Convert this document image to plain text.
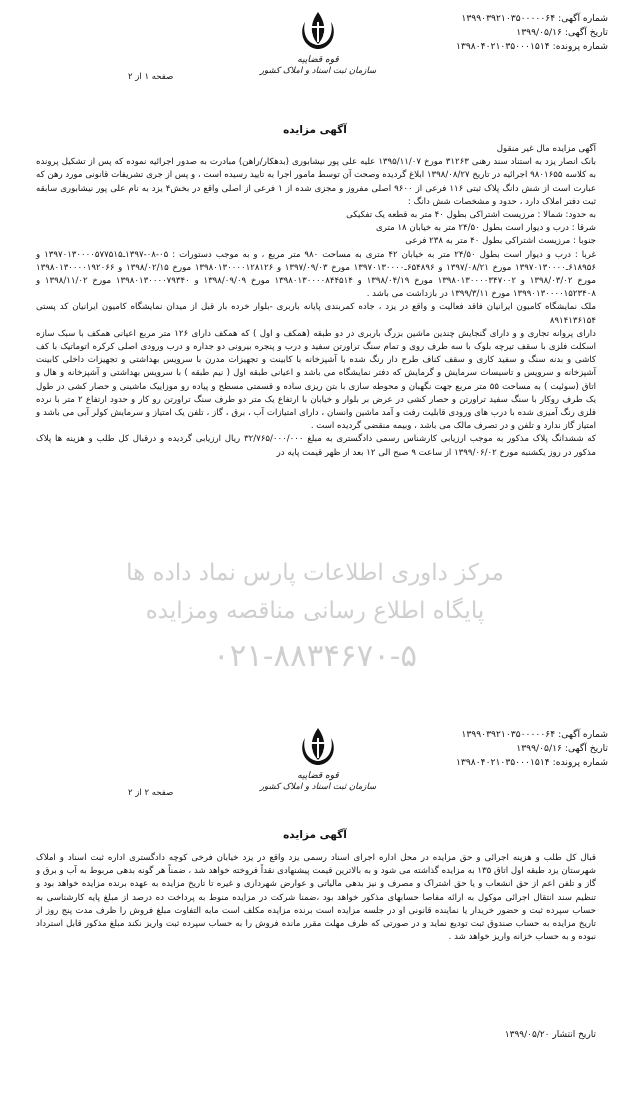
شماره آگهی: ۱۳۹۹۰۳۹۲۱۰۳۵۰۰۰۰۰۶۴
تاریخ آگهی: ۱۳۹۹/۰۵/۱۶
شماره پرونده: ۱۳۹۸۰۴۰۲۱۰۳۵۰۰۰۱۵۱۴
قوه قضاییه
سازمان ثبت اسناد و املاک کشور
صفحه ۱ از ۲
آگهی مزایده

آگهی مزایده مال غیر منقول

بانک انصار یزد به استناد سند رهنی ۳۱۲۶۳ مورخ ۱۳۹۵/۱۱/۰۷ علیه علی پور نیشابوری (بدهکار/راهن) مبادرت به صدور اجرائیه نموده که پس از تشکیل پرونده به کلاسه ۹۸۰۱۶۵۵ اجرائیه در تاریخ ۱۳۹۸/۰۸/۲۷ ابلاغ گردیده وصحت آن توسط مامور اجرا به تایید رسیده است ، و پس از جری تشریفات قانونی مورد رهن که عبارت است از شش دانگ پلاک ثبتی ۱۱۶ فرعی از ۹۶۰۰ اصلی مفروز و مجزی شده از ۱ فرعی از اصلی واقع در بخش۴ یزد به نام علی پور نیشابوری سابقه ثبت دفتر املاک دارد ، حدود و مشخصات شش دانگ :

به حدود: شمالا : مرزیست اشتراکی بطول ۴۰ متر به قطعه یک تفکیکی

شرقا : درب و دیوار است بطول ۲۴/۵۰ متر به خیابان ۱۸ متری

جنوبا : مرزیست اشتراکی بطول ۴۰ متر به ۲۳۸ فرعی

غربا : درب و دیوار است بطول ۲۴/۵۰ متر به خیابان ۴۲ متری به مساحت ۹۸۰ متر مربع ، و به موجب دستورات : ۰۵-۰۸-۱۳۹۷ـ۱۳۹۷۰۱۳۰۰۰۰۵۷۷۵۱۵ و ۶۱۸۹۵۶ـ۱۳۹۷۰۱۳۰۰۰۰ مورخ ۱۳۹۷/۰۸/۲۱ و ۶۵۴۸۹۶ـ۱۳۹۷۰۱۳۰۰۰۰ مورخ ۱۳۹۷/۰۹/۰۳ و ۱۳۹۸۰۱۳۰۰۰۰۱۲۸۱۲۶ مورخ ۱۳۹۸/۰۲/۱۵ و ۱۳۹۸۰۱۳۰۰۰۰۱۹۲۰۶۶ مورخ ۱۳۹۸/۰۳/۰۲ و ۱۳۹۸۰۱۳۰۰۰۰۳۴۷۰۰۲ مورخ ۱۳۹۸/۰۴/۱۹ و ۱۳۹۸۰۱۳۰۰۰۰۸۴۴۵۱۴ مورخ ۱۳۹۸/۰۹/۰۹ و ۱۳۹۸۰۱۳۰۰۰۰۷۹۳۴۰ مورخ ۱۳۹۸/۱۱/۰۲ و ۱۳۹۹۰۱۳۰۰۰۰۱۵۲۳۴۰۸ مورخ ۱۳۹۹/۳/۱۱ در بازداشت می باشد .

ملک نمایشگاه کامیون ایرانیان فاقد فعالیت و واقع در یزد ، جاده کمربندی پایانه باربری -بلوار خرده بار قبل از میدان نمایشگاه کامیون ایرانیان کد پستی ۸۹۱۴۱۳۶۱۵۴

دارای پروانه تجاری و و دارای گنجایش چندین ماشین بزرگ باربری در دو طبقه (همکف و اول ) که همکف دارای ۱۲۶ متر مربع اعیانی همکف با سبک سازه اسکلت فلزی با سقف تیرچه بلوک با سه طرف روی و تمام سنگ تراورتن سفید و درب و پنجره بیرونی دو جداره و درب ورودی اصلی کرکره اتوماتیک با کف کاشی و بدنه سنگ و سفید کاری و سقف کناف طرح دار رنگ شده با آشپزخانه با کابینت و تجهیزات مدرن با سرویس بهداشتی و تجهیزات داخلی کابینت آشپزخانه و سرویس و تاسیسات سرمایش و گرمایش که دفتر نمایشگاه می باشد و اعیانی طبقه اول ( نیم طبقه ) با سرویس بهداشتی و آشپزخانه و هال و اتاق (سوئیت ) به مساحت ۵۵ متر مربع جهت نگهبان و محوطه سازی با بتن ریزی ساده و قسمتی مسطح و پیاده رو موزاییک ماشینی و حصار کشی در طول یک طرف روکار با سنگ سفید تراورتن و حصار کشی در عرض بر بلوار و خیابان با ارتفاع یک متر دو طرف سنگ تراورتن رو کار و حدود ارتفاع ۲ متر با نرده فلزی رنگ آمیزی شده با درب های ورودی قابلیت رفت و آمد ماشین وانسان ، دارای امتیازات آب ، برق ، گاز ، تلفن یک امتیاز و سرمایش کولر آبی می باشد و امتیاز گاز ندارد و تلفن و در تصرف مالک می باشد ، وبیمه منقضی گردیده است .

که ششدانگ پلاک مذکور به موجب ارزیابی کارشناس رسمی دادگستری به مبلغ ۳۲/۷۶۵/۰۰۰/۰۰۰ ریال ارزیابی گردیده و درقبال کل طلب و هزینه ها پلاک مذکور در روز یکشنبه مورخ ۱۳۹۹/۰۶/۰۲ از ساعت ۹ صبح الی ۱۲ بعد از ظهر قیمت پایه در

مرکز داوری اطلاعات پارس نماد داده ها
پایگاه اطلاع رسانی مناقصه ومزایده
۰۲۱-۸۸۳۴۶۷۰-۵
شماره آگهی: ۱۳۹۹۰۳۹۲۱۰۳۵۰۰۰۰۰۶۴
تاریخ آگهی: ۱۳۹۹/۰۵/۱۶
شماره پرونده: ۱۳۹۸۰۴۰۲۱۰۳۵۰۰۰۱۵۱۴
قوه قضاییه
سازمان ثبت اسناد و املاک کشور
صفحه ۲ از ۲
آگهی مزایده

قبال کل طلب و هزینه اجرائی و حق مزایده در محل اداره اجرای اسناد رسمی یزد واقع در یزد خیابان فرخی کوچه دادگستری اداره ثبت اسناد و املاک شهرستان یزد طبقه اول اتاق ۱۳۵ به مزایده گذاشته می شود و به بالاترین قیمت پیشنهادی نقداً فروخته خواهد شد ، ضمناً هر گونه بدهی مربوط به آب و برق و گاز و تلفن اعم از حق انشعاب و یا حق اشتراک و مصرف و نیز بدهی مالیاتی و عوارض شهرداری و غیره تا تاریخ مزایده به عهده برنده مزایده خواهد بود و تنظیم سند انتقال اجرائی موکول به ارائه مفاصا حسابهای مذکور خواهد بود ،ضمنا شرکت در مزایده منوط به پرداخت ده درصد از مبلغ پایه کارشناسی به حساب سپرده ثبت و حضور خریدار یا نماینده قانونی او در جلسه مزایده است برنده مزایده مکلف است مابه التفاوت مبلغ فروش را ظرف مدت پنج روز از تاریخ مزایده به حساب صندوق ثبت تودیع نماید و در صورتی که ظرف مهلت مقرر مانده فروش را به حساب سپرده ثبت واریز نکند مبلغ مذکور قابل استرداد نبوده و به حساب خزانه واریز خواهد شد .

تاریخ انتشار ۱۳۹۹/۰۵/۲۰
